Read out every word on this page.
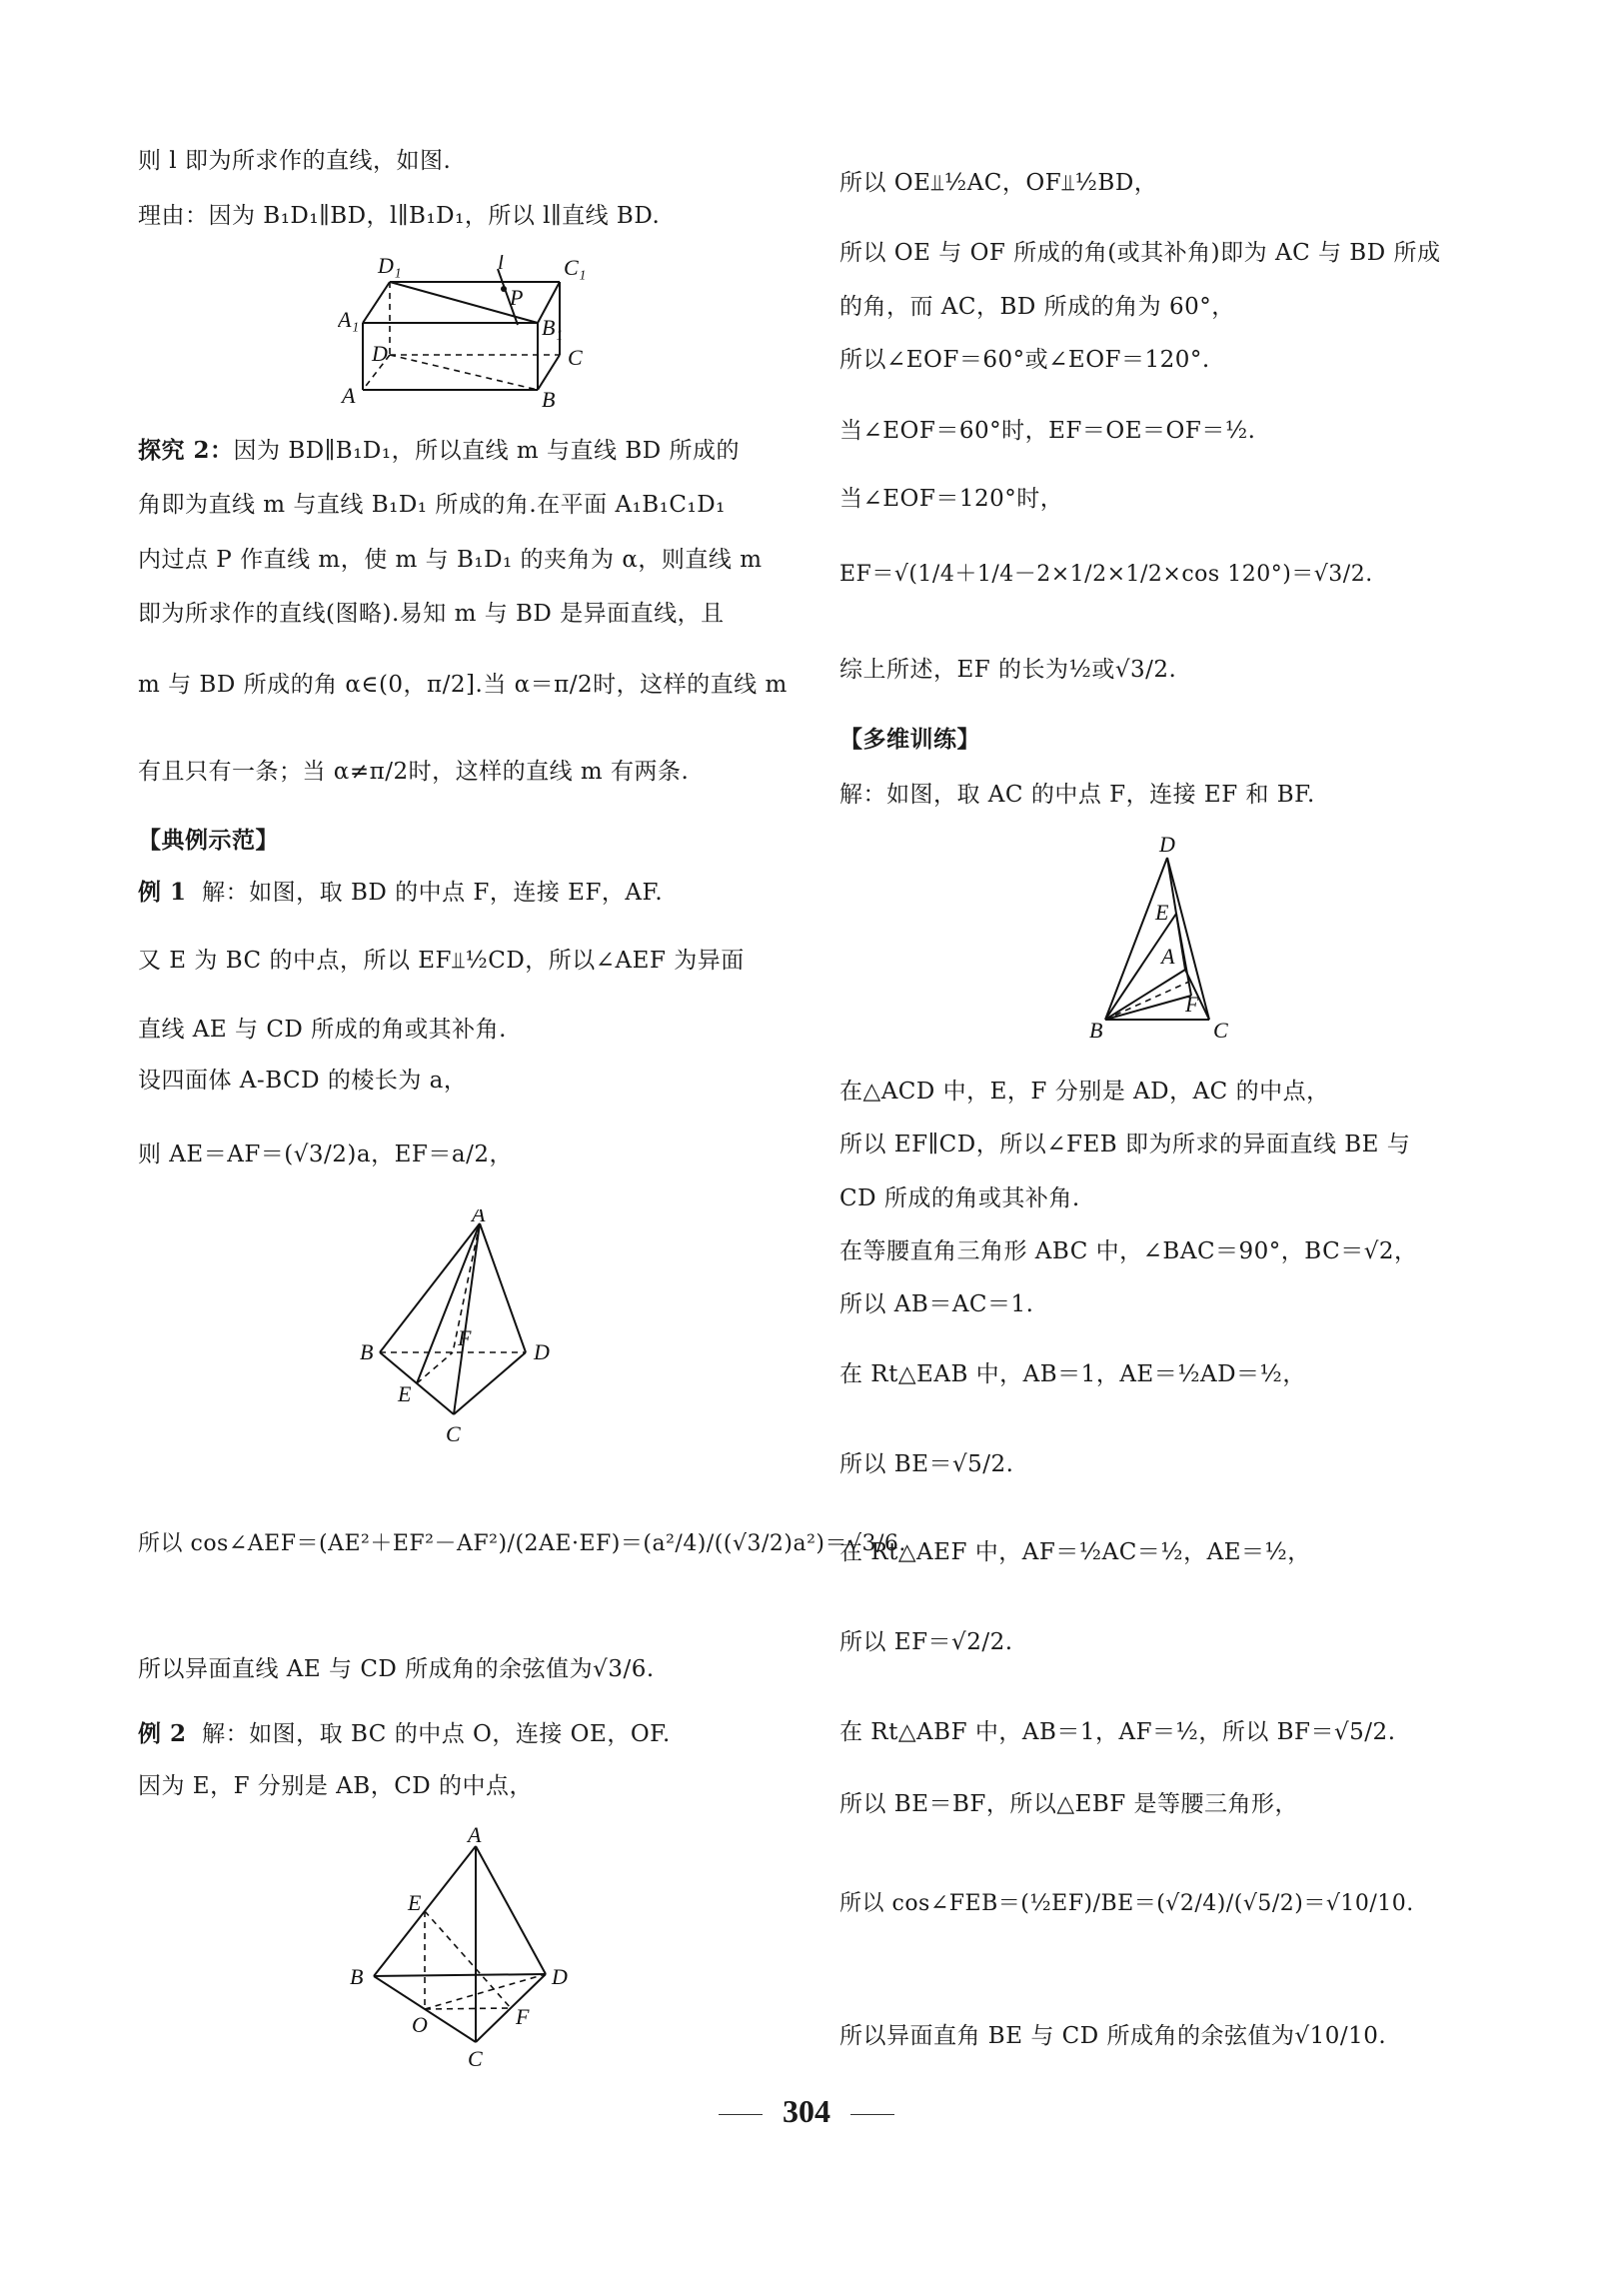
则 l 即为所求作的直线，如图.
理由：因为 B₁D₁∥BD，l∥B₁D₁，所以 l∥直线 BD.
D₁	l	C₁
A₁
P
B₁
D	C
A	B
探究 2：因为 BD∥B₁D₁，所以直线 m 与直线 BD 所成的
角即为直线 m 与直线 B₁D₁ 所成的角.在平面 A₁B₁C₁D₁
内过点 P 作直线 m，使 m 与 B₁D₁ 的夹角为 α，则直线 m
即为所求作的直线(图略).易知 m 与 BD 是异面直线，且
m 与 BD 所成的角 α∈(0，π/2].当 α＝π/2时，这样的直线 m
有且只有一条；当 α≠π/2时，这样的直线 m 有两条.
【典例示范】
例 1 解：如图，取 BD 的中点 F，连接 EF，AF.
又 E 为 BC 的中点，所以 EF⫫½CD，所以∠AEF 为异面
直线 AE 与 CD 所成的角或其补角.
设四面体 A-BCD 的棱长为 a，
则 AE＝AF＝(√3/2)a，EF＝a/2，
A
B
F
D
E
C
所以 cos∠AEF＝(AE²＋EF²－AF²)/(2AE·EF)＝(a²/4)/((√3/2)a²)＝√3/6.
所以异面直线 AE 与 CD 所成角的余弦值为√3/6.
例 2 解：如图，取 BC 的中点 O，连接 OE，OF.
因为 E，F 分别是 AB，CD 的中点，
A
E
B	D
O	F
C
所以 OE⫫½AC，OF⫫½BD，
所以 OE 与 OF 所成的角(或其补角)即为 AC 与 BD 所成
的角，而 AC，BD 所成的角为 60°，
所以∠EOF＝60°或∠EOF＝120°.
当∠EOF＝60°时，EF＝OE＝OF＝½.
当∠EOF＝120°时，
EF＝√(1/4＋1/4－2×1/2×1/2×cos 120°)＝√3/2.
综上所述，EF 的长为½或√3/2.
【多维训练】
解：如图，取 AC 的中点 F，连接 EF 和 BF.
D
E
A
B
F
C
在△ACD 中，E，F 分别是 AD，AC 的中点，
所以 EF∥CD，所以∠FEB 即为所求的异面直线 BE 与
CD 所成的角或其补角.
在等腰直角三角形 ABC 中，∠BAC＝90°，BC＝√2，
所以 AB＝AC＝1.
在 Rt△EAB 中，AB＝1，AE＝½AD＝½，
所以 BE＝√5/2.
在 Rt△AEF 中，AF＝½AC＝½，AE＝½，
所以 EF＝√2/2.
在 Rt△ABF 中，AB＝1，AF＝½，所以 BF＝√5/2.
所以 BE＝BF，所以△EBF 是等腰三角形，
所以 cos∠FEB＝(½EF)/BE＝(√2/4)/(√5/2)＝√10/10.
所以异面直角 BE 与 CD 所成角的余弦值为√10/10.
304
